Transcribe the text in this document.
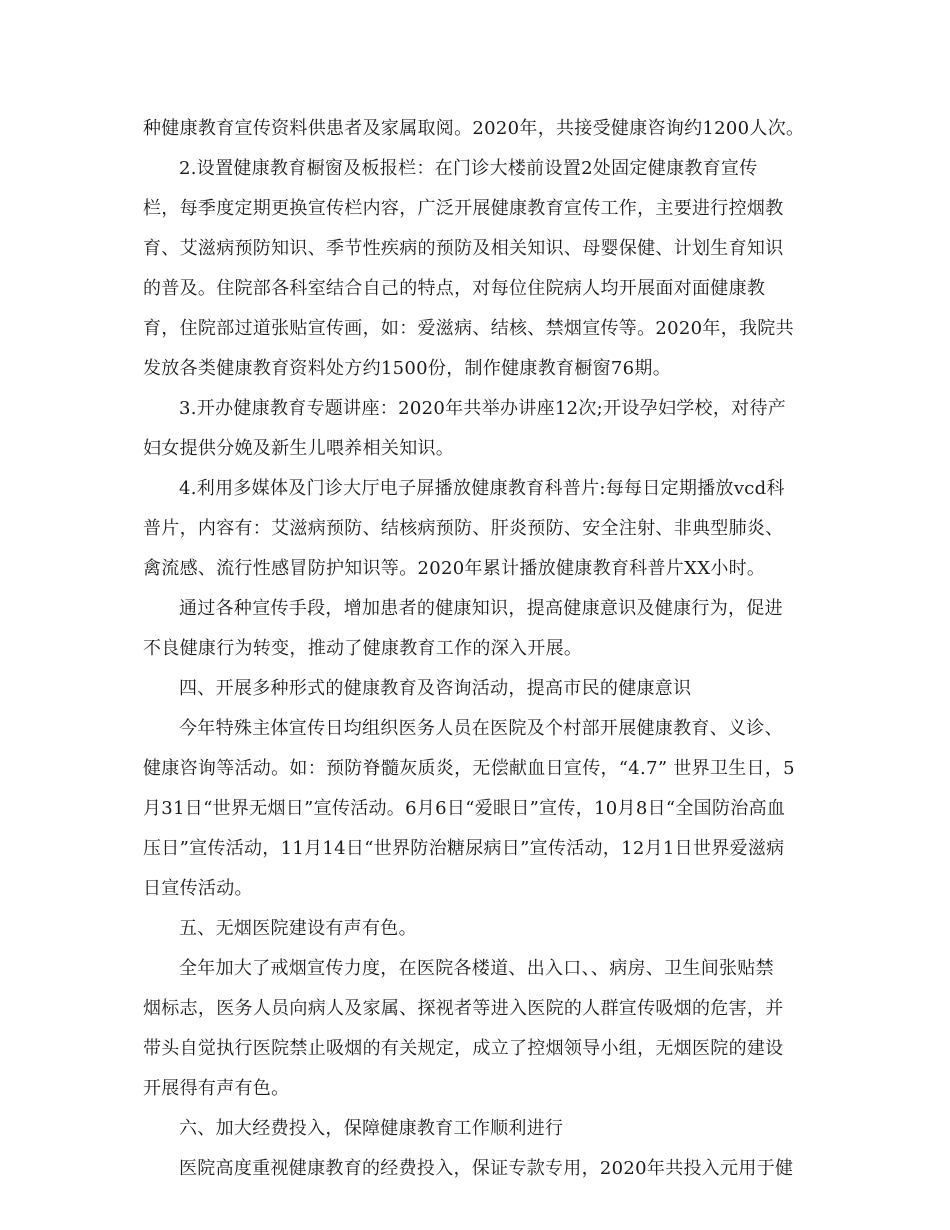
种健康教育宣传资料供患者及家属取阅。2020年，共接受健康咨询约1200人次。
2.设置健康教育橱窗及板报栏：在门诊大楼前设置2处固定健康教育宣传
栏，每季度定期更换宣传栏内容，广泛开展健康教育宣传工作，主要进行控烟教
育、艾滋病预防知识、季节性疾病的预防及相关知识、母婴保健、计划生育知识
的普及。住院部各科室结合自己的特点，对每位住院病人均开展面对面健康教
育，住院部过道张贴宣传画，如：爱滋病、结核、禁烟宣传等。2020年，我院共
发放各类健康教育资料处方约1500份，制作健康教育橱窗76期。
3.开办健康教育专题讲座：2020年共举办讲座12次;开设孕妇学校，对待产
妇女提供分娩及新生儿喂养相关知识。
4.利用多媒体及门诊大厅电子屏播放健康教育科普片:每每日定期播放vcd科
普片，内容有：艾滋病预防、结核病预防、肝炎预防、安全注射、非典型肺炎、
禽流感、流行性感冒防护知识等。2020年累计播放健康教育科普片XX小时。
通过各种宣传手段，增加患者的健康知识，提高健康意识及健康行为，促进
不良健康行为转变，推动了健康教育工作的深入开展。
四、开展多种形式的健康教育及咨询活动，提高市民的健康意识
今年特殊主体宣传日均组织医务人员在医院及个村部开展健康教育、义诊、
健康咨询等活动。如：预防脊髓灰质炎，无偿献血日宣传，“4.7” 世界卫生日，5
月31日“世界无烟日”宣传活动。6月6日“爱眼日”宣传，10月8日“全国防治高血
压日”宣传活动，11月14日“世界防治糖尿病日”宣传活动，12月1日世界爱滋病
日宣传活动。
五、无烟医院建设有声有色。
全年加大了戒烟宣传力度，在医院各楼道、出入口、、病房、卫生间张贴禁
烟标志，医务人员向病人及家属、探视者等进入医院的人群宣传吸烟的危害，并
带头自觉执行医院禁止吸烟的有关规定，成立了控烟领导小组，无烟医院的建设
开展得有声有色。
六、加大经费投入，保障健康教育工作顺利进行
医院高度重视健康教育的经费投入，保证专款专用，2020年共投入元用于健
